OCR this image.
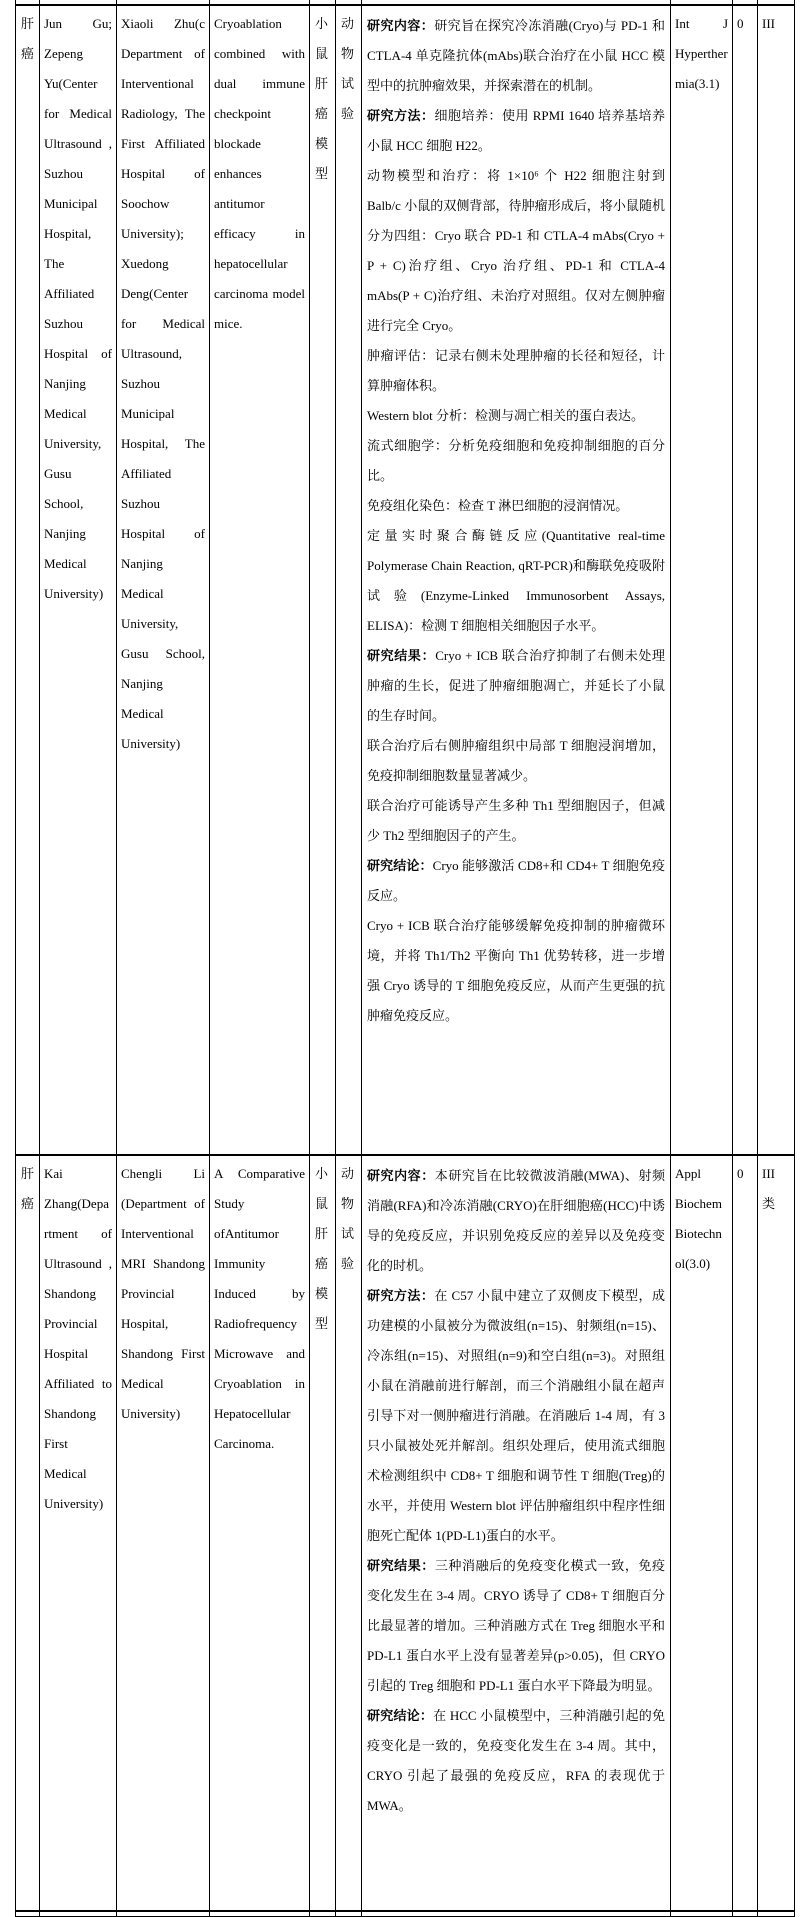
肝癌	Jun Gu; Zepeng Yu(Center for Medical Ultrasound , Suzhou Municipal Hospital, The Affiliated Suzhou Hospital of Nanjing Medical University, Gusu School, Nanjing Medical University)	Xiaoli Zhu(c Department of Interventional Radiology, The First Affiliated Hospital of Soochow University); Xuedong Deng(Center for Medical Ultrasound, Suzhou Municipal Hospital, The Affiliated Suzhou Hospital of Nanjing Medical University, Gusu School, Nanjing Medical University)	Cryoablation combined with dual immune checkpoint blockade enhances antitumor efficacy in hepatocellular carcinoma model mice.	小鼠肝癌模型	动物试验	
研究内容：研究旨在探究冷冻消融(Cryo)与 PD-1 和 CTLA-4 单克隆抗体(mAbs)联合治疗在小鼠 HCC 模型中的抗肿瘤效果，并探索潜在的机制。
研究方法：细胞培养：使用 RPMI 1640 培养基培养小鼠 HCC 细胞 H22。
动物模型和治疗：将 1×10⁶ 个 H22 细胞注射到 Balb/c 小鼠的双侧背部，待肿瘤形成后，将小鼠随机分为四组：Cryo 联合 PD-1 和 CTLA-4 mAbs(Cryo + P + C)治疗组、Cryo 治疗组、PD-1 和 CTLA-4 mAbs(P + C)治疗组、未治疗对照组。仅对左侧肿瘤进行完全 Cryo。
肿瘤评估：记录右侧未处理肿瘤的长径和短径，计算肿瘤体积。
Western blot 分析：检测与凋亡相关的蛋白表达。
流式细胞学：分析免疫细胞和免疫抑制细胞的百分比。
免疫组化染色：检查 T 淋巴细胞的浸润情况。
定量实时聚合酶链反应(Quantitative real-time Polymerase Chain Reaction, qRT-PCR)和酶联免疫吸附试验(Enzyme-Linked Immunosorbent Assays, ELISA)：检测 T 细胞相关细胞因子水平。
研究结果：Cryo + ICB 联合治疗抑制了右侧未处理肿瘤的生长，促进了肿瘤细胞凋亡，并延长了小鼠的生存时间。
联合治疗后右侧肿瘤组织中局部 T 细胞浸润增加，免疫抑制细胞数量显著减少。
联合治疗可能诱导产生多种 Th1 型细胞因子，但减少 Th2 型细胞因子的产生。
研究结论：Cryo 能够激活 CD8+和 CD4+ T 细胞免疫反应。
Cryo + ICB 联合治疗能够缓解免疫抑制的肿瘤微环境，并将 Th1/Th2 平衡向 Th1 优势转移，进一步增强 Cryo 诱导的 T 细胞免疫反应，从而产生更强的抗肿瘤免疫反应。
	Int J Hyperthermia(3.1)	0	III
肝癌	Kai Zhang(Department of Ultrasound , Shandong Provincial Hospital Affiliated to Shandong First Medical University)	Chengli Li (Department of Interventional MRI Shandong Provincial Hospital, Shandong First Medical University)	A Comparative Study ofAntitumor Immunity Induced by Radiofrequency Microwave and Cryoablation in Hepatocellular Carcinoma.	小鼠肝癌模型	动物试验	研究内容：本研究旨在比较微波消融(MWA)、射频消融(RFA)和冷冻消融(CRYO)在肝细胞癌(HCC)中诱导的免疫反应，并识别免疫反应的差异以及免疫变化的时机。
研究方法：在 C57 小鼠中建立了双侧皮下模型，成功建模的小鼠被分为微波组(n=15)、射频组(n=15)、冷冻组(n=15)、对照组(n=9)和空白组(n=3)。对照组小鼠在消融前进行解剖，而三个消融组小鼠在超声引导下对一侧肿瘤进行消融。在消融后 1-4 周，有 3 只小鼠被处死并解剖。组织处理后，使用流式细胞术检测组织中 CD8+ T 细胞和调节性 T 细胞(Treg)的水平，并使用 Western blot 评估肿瘤组织中程序性细胞死亡配体 1(PD-L1)蛋白的水平。
研究结果：三种消融后的免疫变化模式一致，免疫变化发生在 3-4 周。CRYO 诱导了 CD8+ T 细胞百分比最显著的增加。三种消融方式在 Treg 细胞水平和 PD-L1 蛋白水平上没有显著差异(p>0.05)，但 CRYO 引起的 Treg 细胞和 PD-L1 蛋白水平下降最为明显。
研究结论：在 HCC 小鼠模型中，三种消融引起的免疫变化是一致的，免疫变化发生在 3-4 周。其中，CRYO 引起了最强的免疫反应，RFA 的表现优于 MWA。	Appl Biochem Biotechnol(3.0)	0	III 类
